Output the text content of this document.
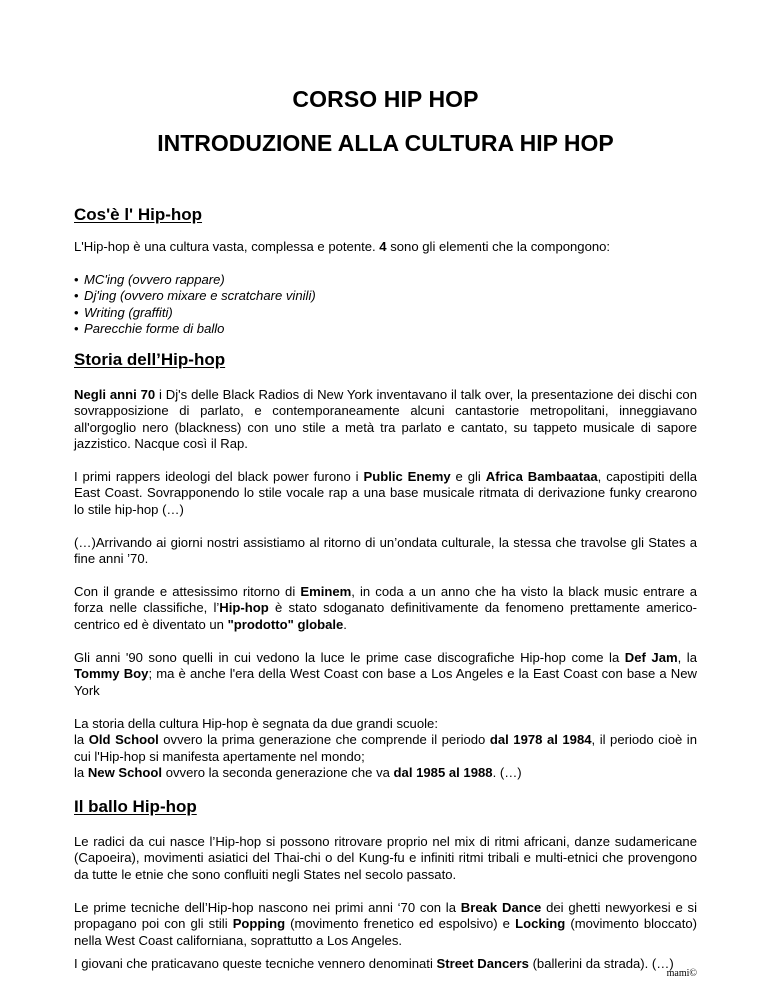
CORSO HIP HOP
INTRODUZIONE ALLA CULTURA HIP HOP
Cos'è l' Hip-hop

L'Hip-hop è una cultura vasta, complessa e potente. 4 sono gli elementi che la compongono:

• MC'ing (ovvero rappare)
• Dj'ing (ovvero mixare e scratchare vinili)
• Writing (graffiti)
• Parecchie forme di ballo
Storia dell’Hip-hop

Negli anni 70 i Dj's delle Black Radios di New York inventavano il talk over, la presentazione dei dischi con sovrapposizione di parlato, e contemporaneamente alcuni cantastorie metropolitani, inneggiavano all'orgoglio nero (blackness) con uno stile a metà tra parlato e cantato, su tappeto musicale di sapore jazzistico. Nacque così il Rap.

I primi rappers ideologi del black power furono i Public Enemy e gli Africa Bambaataa, capostipiti della East Coast. Sovrapponendo lo stile vocale rap a una base musicale ritmata di derivazione funky crearono lo stile hip-hop (…)

(…)Arrivando ai giorni nostri assistiamo al ritorno di un’ondata culturale, la stessa che travolse gli States a fine anni ’70.

Con il grande e attesissimo ritorno di Eminem, in coda a un anno che ha visto la black music entrare a forza nelle classifiche, l’Hip-hop è stato sdoganato definitivamente da fenomeno prettamente americo-centrico ed è diventato un "prodotto" globale.

Gli anni '90 sono quelli in cui vedono la luce le prime case discografiche Hip-hop come la Def Jam, la Tommy Boy; ma è anche l'era della West Coast con base a Los Angeles e la East Coast con base a New York

La storia della cultura Hip-hop è segnata da due grandi scuole:
la Old School ovvero la prima generazione che comprende il periodo dal 1978 al 1984, il periodo cioè in cui l'Hip-hop si manifesta apertamente nel mondo;
la New School ovvero la seconda generazione che va dal 1985 al 1988. (…)

Il ballo Hip-hop

Le radici da cui nasce l’Hip-hop si possono ritrovare proprio nel mix di ritmi africani, danze sudamericane (Capoeira), movimenti asiatici del Thai-chi o del Kung-fu e infiniti ritmi tribali e multi-etnici che provengono da tutte le etnie che sono confluiti negli States nel secolo passato.

Le prime tecniche dell’Hip-hop nascono nei primi anni ‘70 con la Break Dance dei ghetti newyorkesi e si propagano poi con gli stili Popping (movimento frenetico ed espolsivo) e Locking (movimento bloccato) nella West Coast californiana, soprattutto a Los Angeles.

I giovani che praticavano queste tecniche vennero denominati Street Dancers (ballerini da strada). (…)

mami©
